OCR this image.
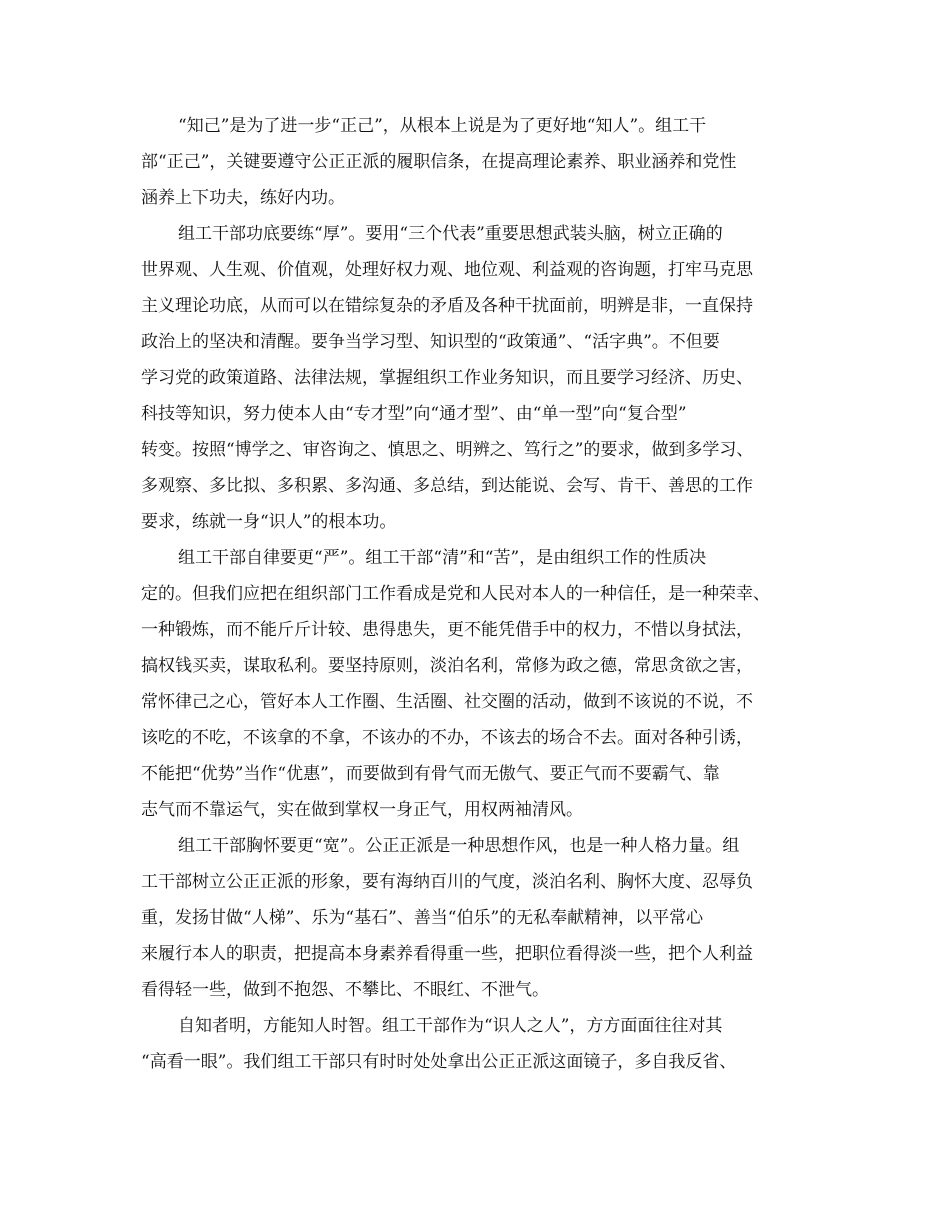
“知己”是为了进一步“正己”，从根本上说是为了更好地“知人”。组工干

部“正己”，关键要遵守公正正派的履职信条，在提高理论素养、职业涵养和党性

涵养上下功夫，练好内功。

组工干部功底要练“厚”。要用“三个代表”重要思想武装头脑，树立正确的

世界观、人生观、价值观，处理好权力观、地位观、利益观的咨询题，打牢马克思

主义理论功底，从而可以在错综复杂的矛盾及各种干扰面前，明辨是非，一直保持

政治上的坚决和清醒。要争当学习型、知识型的“政策通”、“活字典”。不但要

学习党的政策道路、法律法规，掌握组织工作业务知识，而且要学习经济、历史、

科技等知识，努力使本人由“专才型”向“通才型”、由“单一型”向“复合型”

转变。按照“博学之、审咨询之、慎思之、明辨之、笃行之”的要求，做到多学习、

多观察、多比拟、多积累、多沟通、多总结，到达能说、会写、肯干、善思的工作

要求，练就一身“识人”的根本功。

组工干部自律要更“严”。组工干部“清”和“苦”，是由组织工作的性质决

定的。但我们应把在组织部门工作看成是党和人民对本人的一种信任，是一种荣幸、

一种锻炼，而不能斤斤计较、患得患失，更不能凭借手中的权力，不惜以身拭法，

搞权钱买卖，谋取私利。要坚持原则，淡泊名利，常修为政之德，常思贪欲之害，

常怀律己之心，管好本人工作圈、生活圈、社交圈的活动，做到不该说的不说，不

该吃的不吃，不该拿的不拿，不该办的不办，不该去的场合不去。面对各种引诱，

不能把“优势”当作“优惠”，而要做到有骨气而无傲气、要正气而不要霸气、靠

志气而不靠运气，实在做到掌权一身正气，用权两袖清风。

组工干部胸怀要更“宽”。公正正派是一种思想作风，也是一种人格力量。组

工干部树立公正正派的形象，要有海纳百川的气度，淡泊名利、胸怀大度、忍辱负

重，发扬甘做“人梯”、乐为“基石”、善当“伯乐”的无私奉献精神，以平常心

来履行本人的职责，把提高本身素养看得重一些，把职位看得淡一些，把个人利益

看得轻一些，做到不抱怨、不攀比、不眼红、不泄气。

自知者明，方能知人时智。组工干部作为“识人之人”，方方面面往往对其

“高看一眼”。我们组工干部只有时时处处拿出公正正派这面镜子，多自我反省、
